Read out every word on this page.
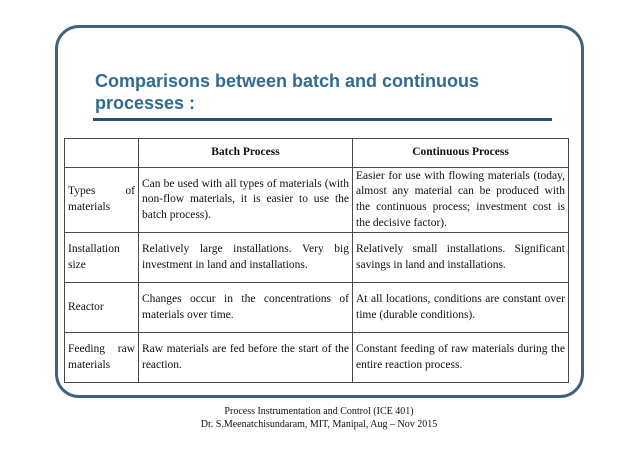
Comparisons between batch and continuous processes :
	Batch Process	Continuous Process
Types of materials	Can be used with all types of materials (with non-flow materials, it is easier to use the batch process).	Easier for use with flowing materials (today, almost any material can be produced with the continuous process; investment cost is the decisive factor).
Installation size	Relatively large installations. Very big investment in land and installations.	Relatively small installations. Significant savings in land and installations.
Reactor	Changes occur in the concentrations of materials over time.	At all locations, conditions are constant over time (durable conditions).
Feeding raw materials	Raw materials are fed before the start of the reaction.	Constant feeding of raw materials during the entire reaction process.
Process Instrumentation and Control (ICE 401)
Dr. S.Meenatchisundaram, MIT, Manipal, Aug – Nov 2015
